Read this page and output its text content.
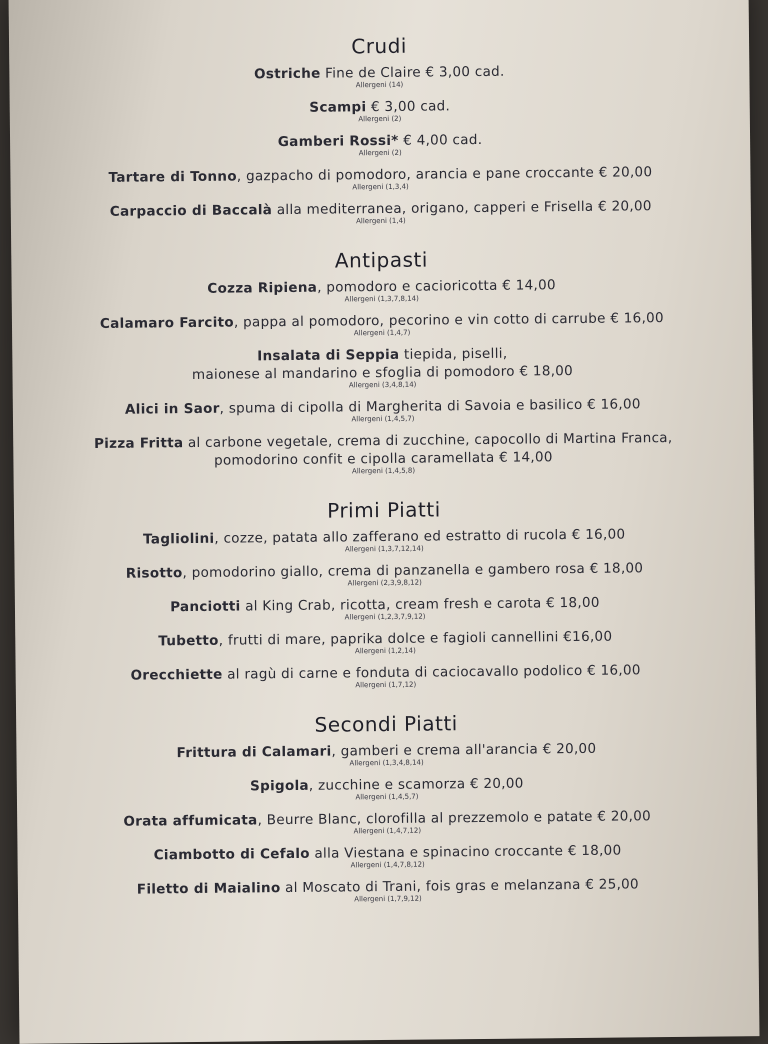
Crudi
Ostriche Fine de Claire € 3,00 cad.
Allergeni (14)
Scampi € 3,00 cad.
Allergeni (2)
Gamberi Rossi* € 4,00 cad.
Allergeni (2)
Tartare di Tonno, gazpacho di pomodoro, arancia e pane croccante € 20,00
Allergeni (1,3,4)
Carpaccio di Baccalà alla mediterranea, origano, capperi e Frisella € 20,00
Allergeni (1,4)
Antipasti
Cozza Ripiena, pomodoro e cacioricotta € 14,00
Allergeni (1,3,7,8,14)
Calamaro Farcito, pappa al pomodoro, pecorino e vin cotto di carrube € 16,00
Allergeni (1,4,7)
Insalata di Seppia tiepida, piselli,
maionese al mandarino e sfoglia di pomodoro € 18,00
Allergeni (3,4,8,14)
Alici in Saor, spuma di cipolla di Margherita di Savoia e basilico € 16,00
Allergeni (1,4,5,7)
Pizza Fritta al carbone vegetale, crema di zucchine, capocollo di Martina Franca,
pomodorino confit e cipolla caramellata € 14,00
Allergeni (1,4,5,8)
Primi Piatti
Tagliolini, cozze, patata allo zafferano ed estratto di rucola € 16,00
Allergeni (1,3,7,12,14)
Risotto, pomodorino giallo, crema di panzanella e gambero rosa € 18,00
Allergeni (2,3,9,8,12)
Panciotti al King Crab, ricotta, cream fresh e carota € 18,00
Allergeni (1,2,3,7,9,12)
Tubetto, frutti di mare, paprika dolce e fagioli cannellini €16,00
Allergeni (1,2,14)
Orecchiette al ragù di carne e fonduta di caciocavallo podolico € 16,00
Allergeni (1,7,12)
Secondi Piatti
Frittura di Calamari, gamberi e crema all'arancia € 20,00
Allergeni (1,3,4,8,14)
Spigola, zucchine e scamorza € 20,00
Allergeni (1,4,5,7)
Orata affumicata, Beurre Blanc, clorofilla al prezzemolo e patate € 20,00
Allergeni (1,4,7,12)
Ciambotto di Cefalo alla Viestana e spinacino croccante € 18,00
Allergeni (1,4,7,8,12)
Filetto di Maialino al Moscato di Trani, fois gras e melanzana € 25,00
Allergeni (1,7,9,12)
